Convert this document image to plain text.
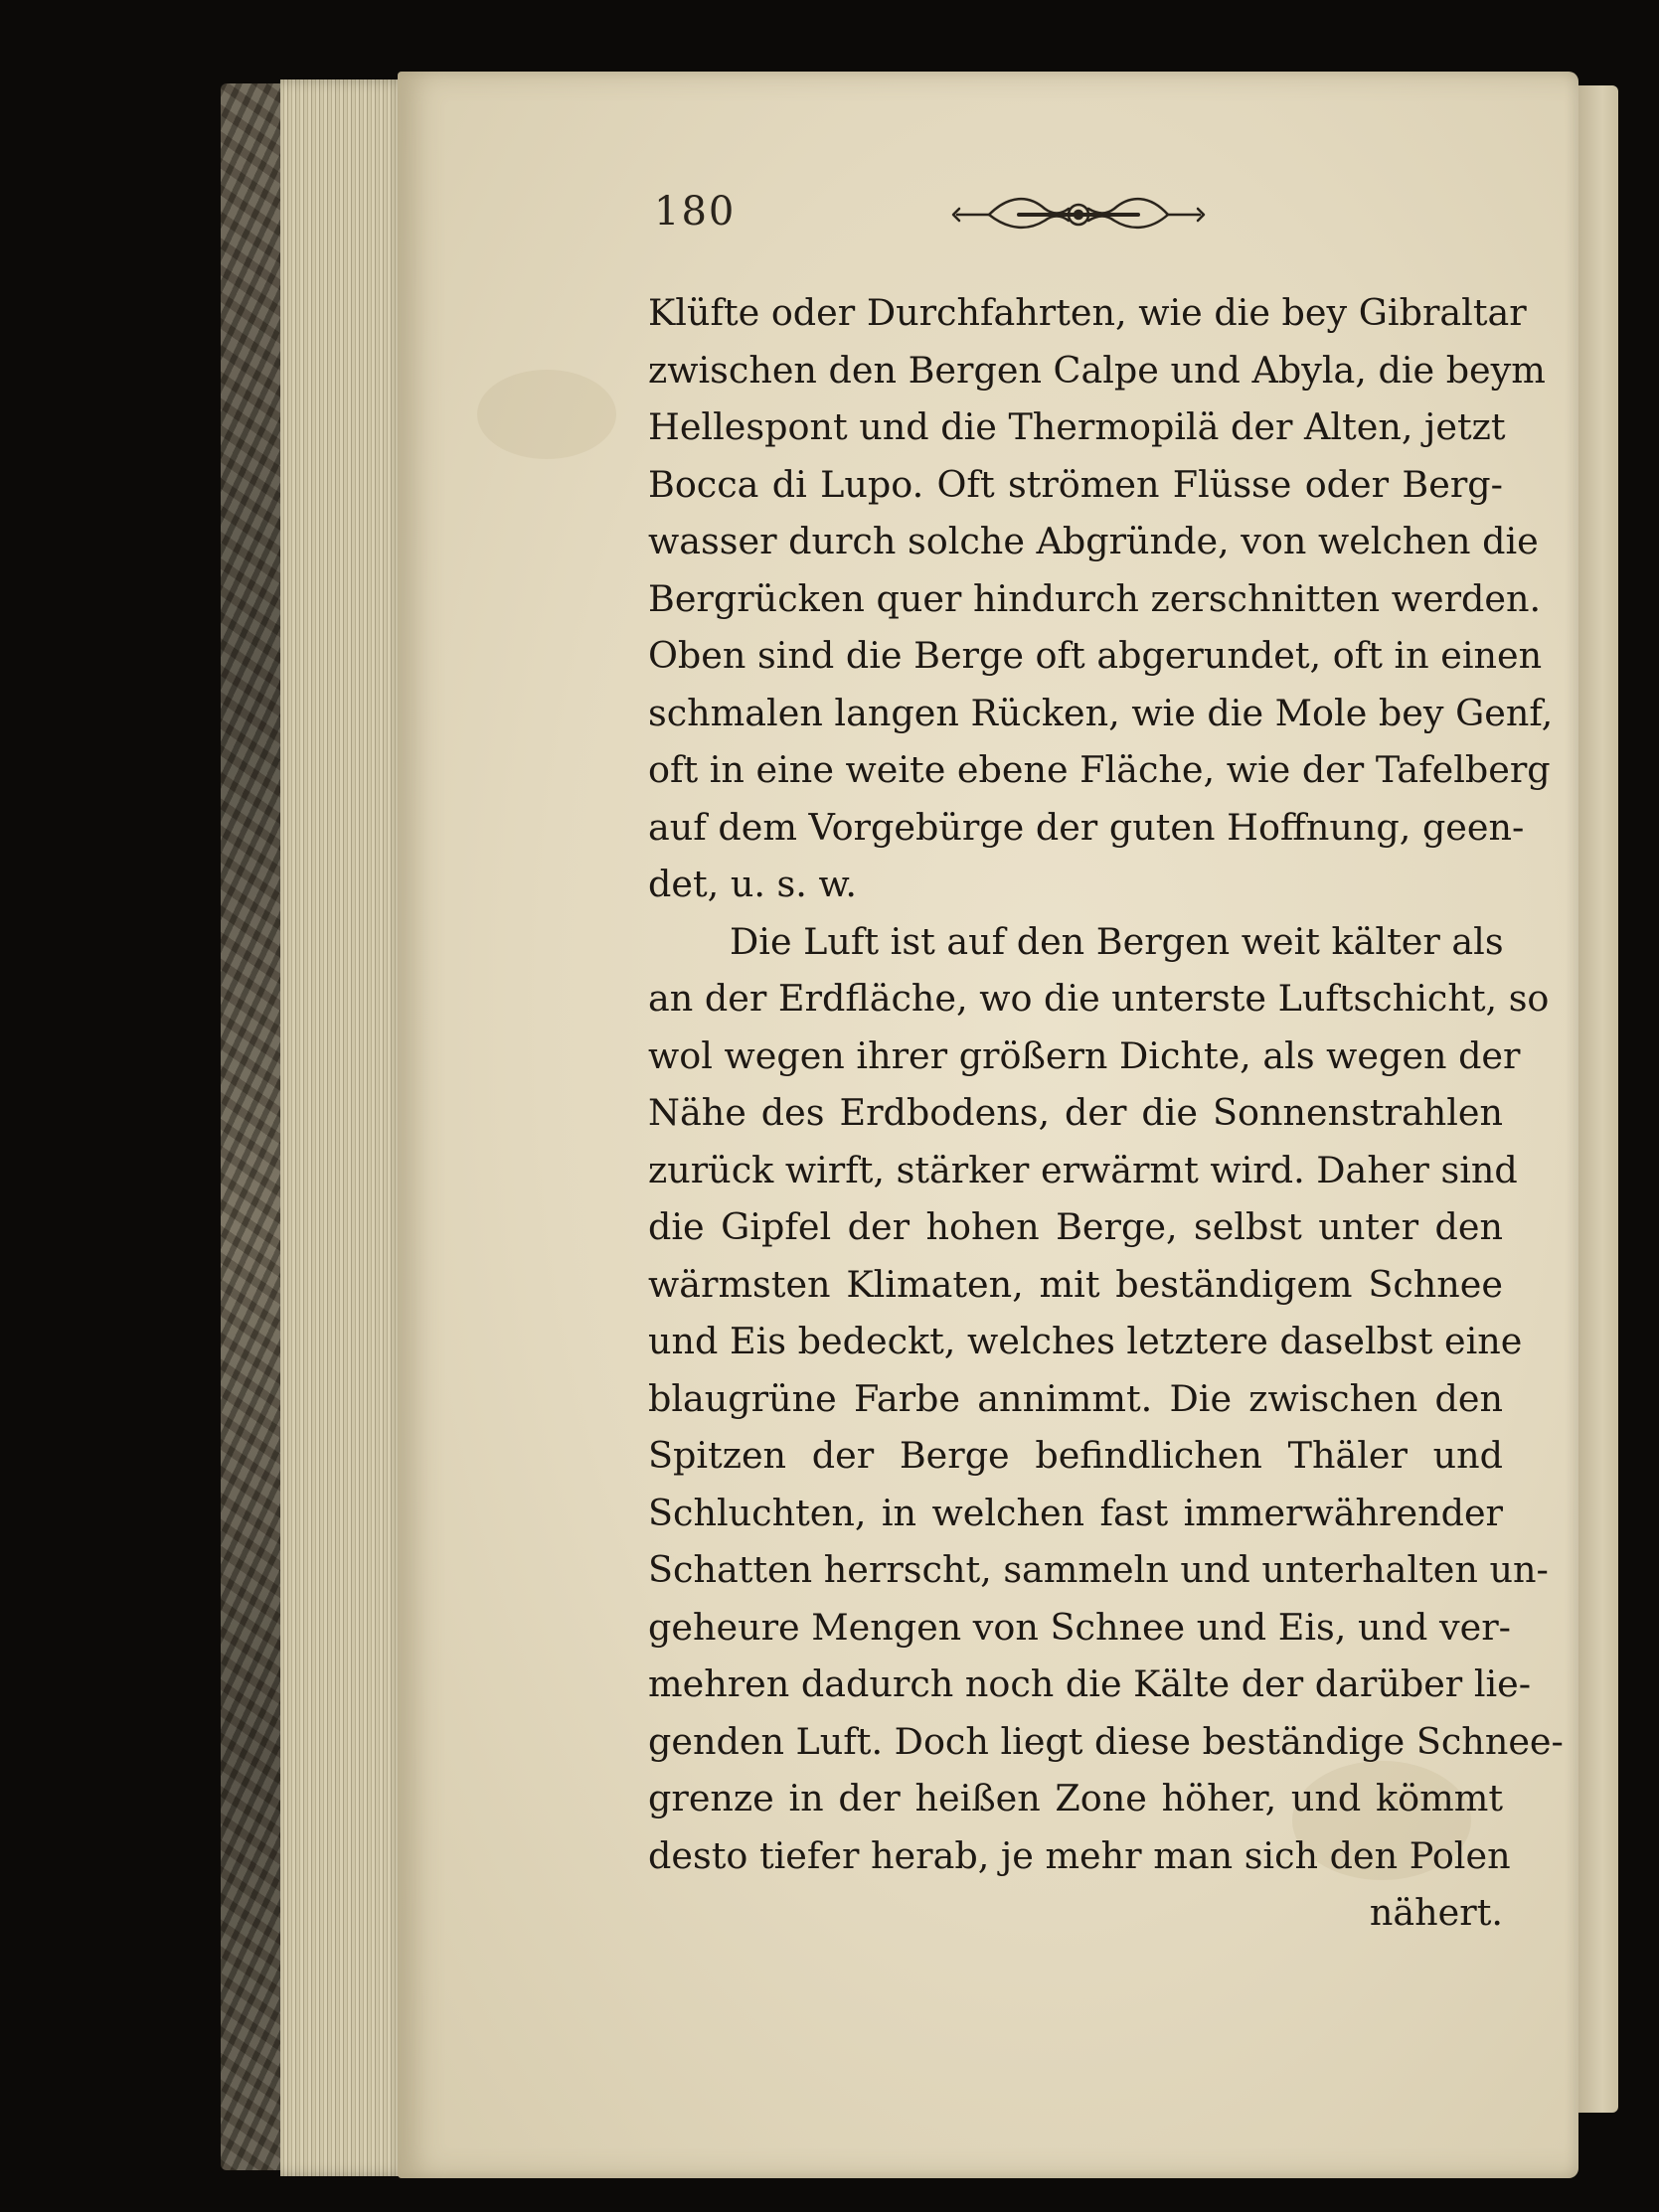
180
Klüfte oder Durchfahrten, wie die bey Gibraltar
zwischen den Bergen Calpe und Abyla, die beym
Hellespont und die Thermopilä der Alten, jetzt
Bocca di Lupo. Oft strömen Flüsse oder Berg-
wasser durch solche Abgründe, von welchen die
Bergrücken quer hindurch zerschnitten werden.
Oben sind die Berge oft abgerundet, oft in einen
schmalen langen Rücken, wie die Mole bey Genf,
oft in eine weite ebene Fläche, wie der Tafelberg
auf dem Vorgebürge der guten Hoffnung, geen-
det, u. s. w.
Die Luft ist auf den Bergen weit kälter als
an der Erdfläche, wo die unterste Luftschicht, so
wol wegen ihrer größern Dichte, als wegen der
Nähe des Erdbodens, der die Sonnenstrahlen
zurück wirft, stärker erwärmt wird. Daher sind
die Gipfel der hohen Berge, selbst unter den
wärmsten Klimaten, mit beständigem Schnee
und Eis bedeckt, welches letztere daselbst eine
blaugrüne Farbe annimmt. Die zwischen den
Spitzen der Berge befindlichen Thäler und
Schluchten, in welchen fast immerwährender
Schatten herrscht, sammeln und unterhalten un-
geheure Mengen von Schnee und Eis, und ver-
mehren dadurch noch die Kälte der darüber lie-
genden Luft. Doch liegt diese beständige Schnee-
grenze in der heißen Zone höher, und kömmt
desto tiefer herab, je mehr man sich den Polen
nähert.
